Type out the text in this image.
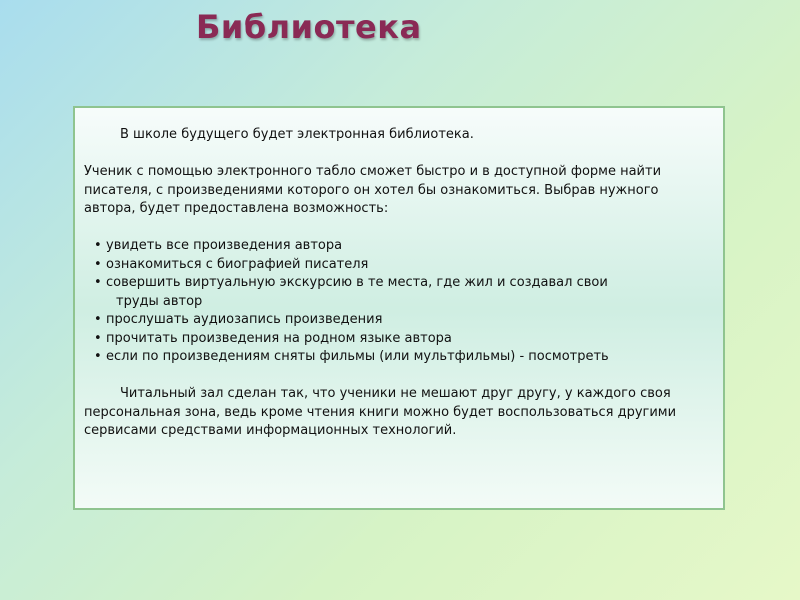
Библиотека

В школе будущего будет электронная библиотека.

Ученик с помощью электронного табло сможет быстро и в доступной форме найти писателя, с произведениями которого он хотел бы ознакомиться. Выбрав нужного автора, будет предоставлена возможность:

• увидеть все произведения автора
• ознакомиться с биографией писателя
• совершить виртуальную экскурсию в те места, где жил и создавал свои
труды автор
• прослушать аудиозапись произведения
• прочитать произведения на родном языке автора
• если по произведениям сняты фильмы (или мультфильмы) - посмотреть

Читальный зал сделан так, что ученики не мешают друг другу, у каждого своя персональная зона, ведь кроме чтения книги можно будет воспользоваться другими сервисами средствами информационных технологий.
